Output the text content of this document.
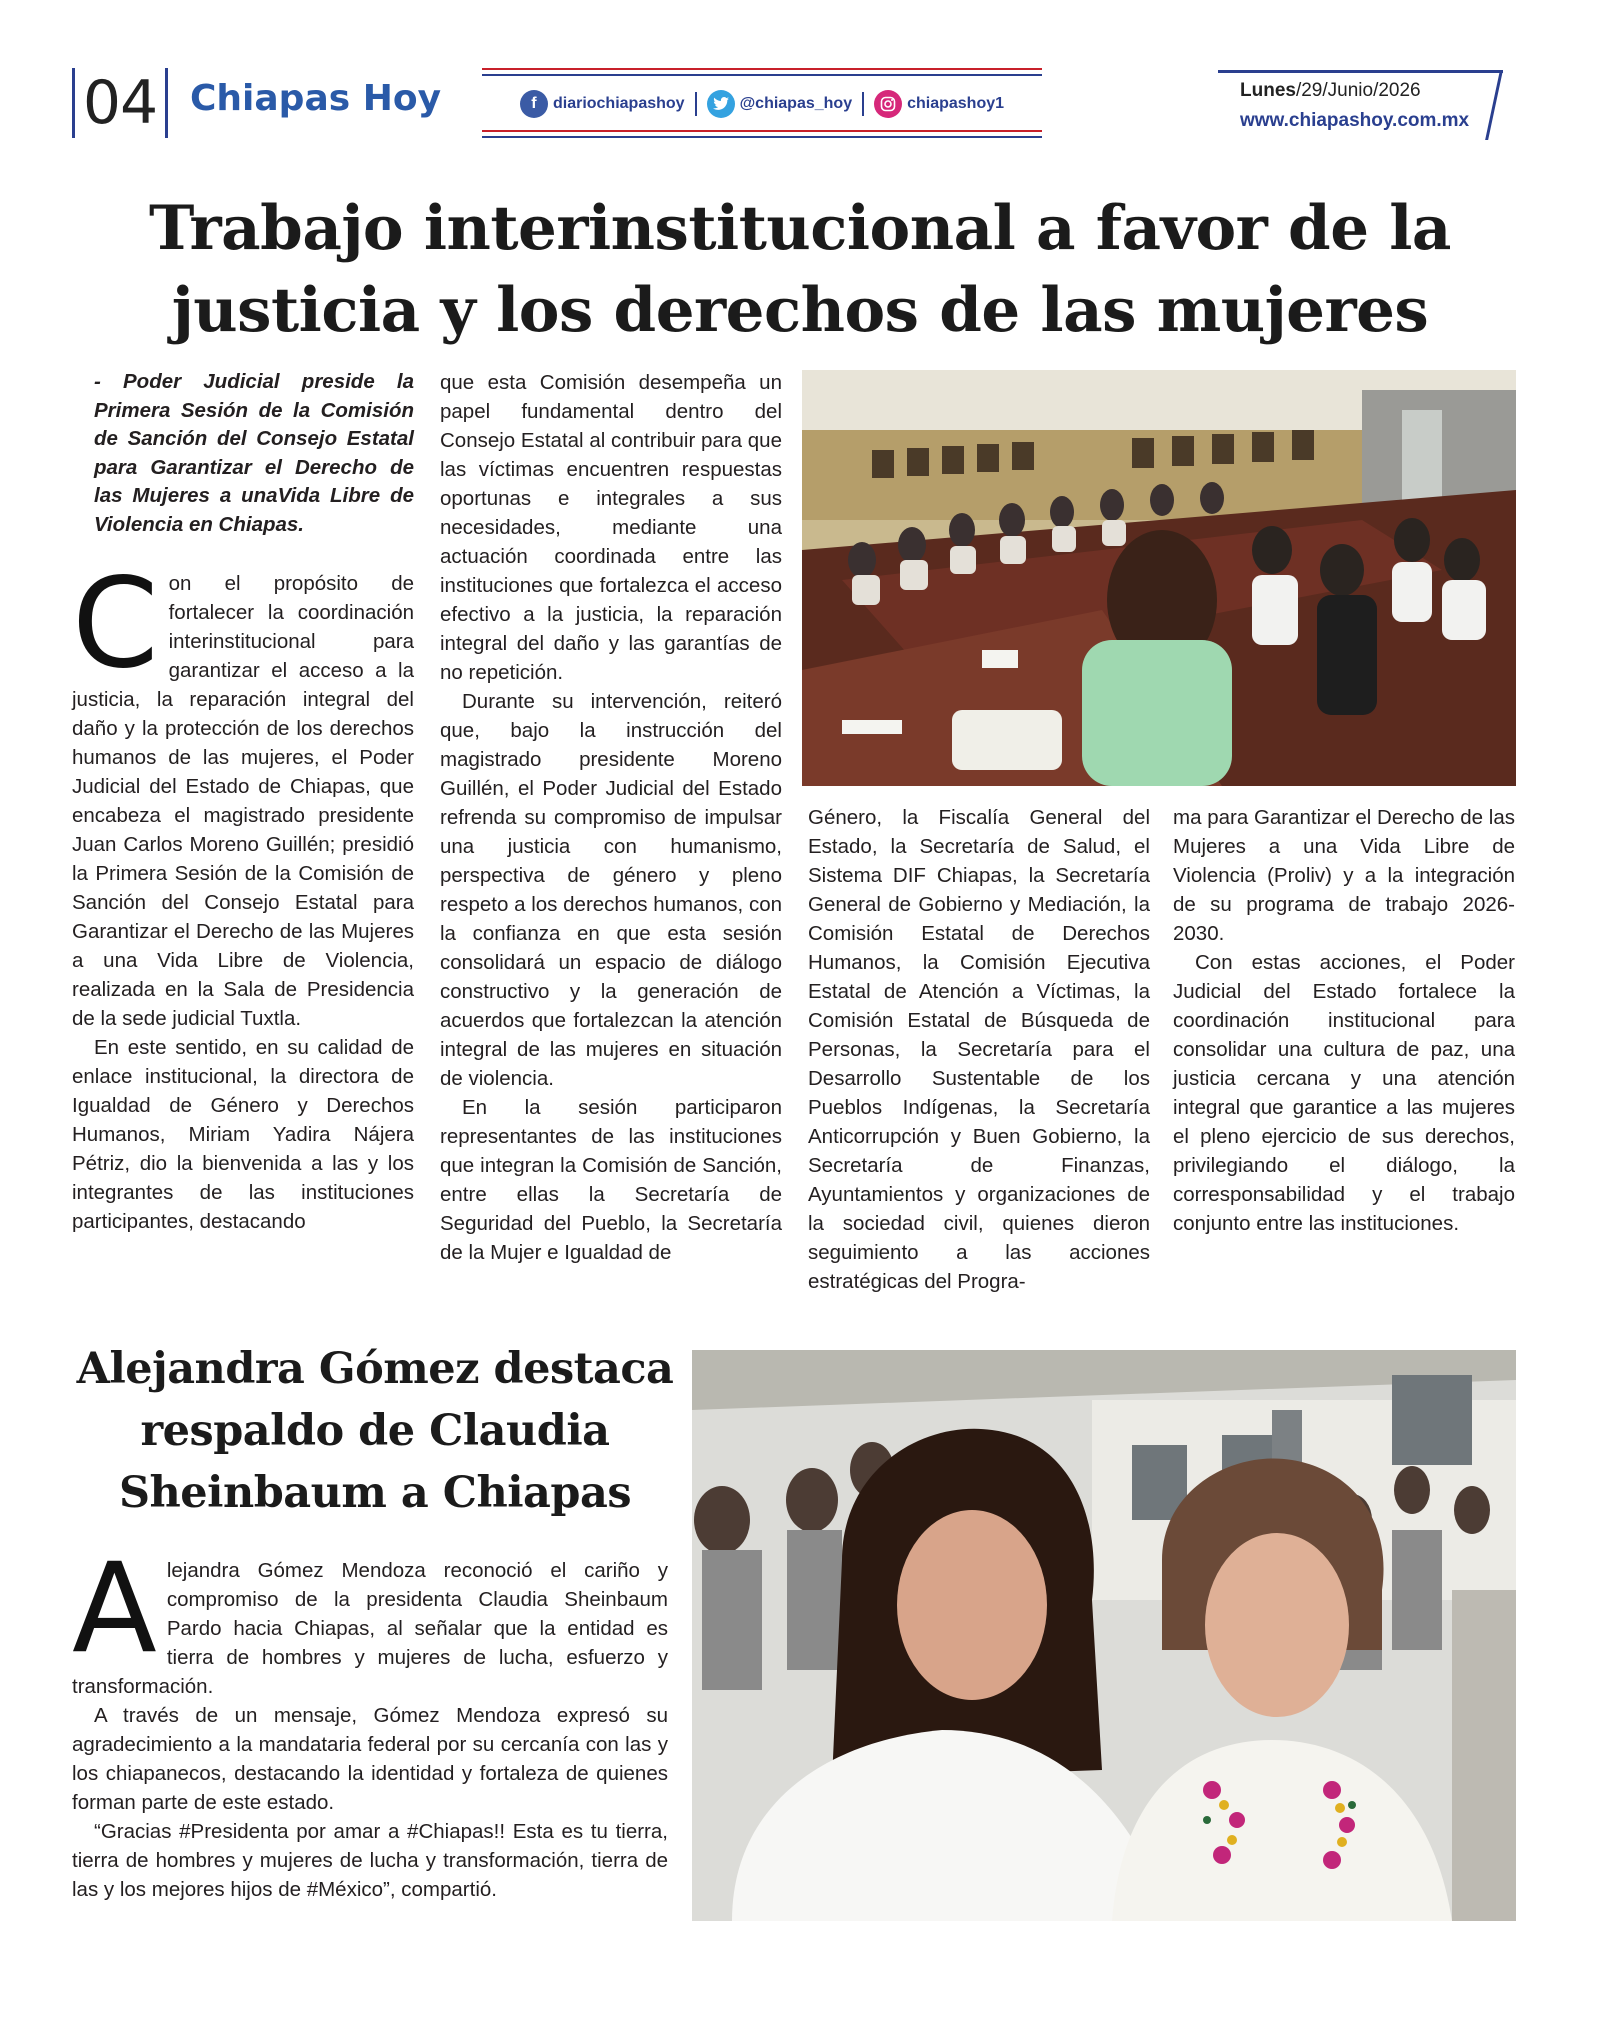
04 Chiapas Hoy	f	diariochiapashoy	@chiapas_hoy	chiapashoy1
Lunes/29/Junio/2026
www.chiapashoy.com.mx
Trabajo interinstitucional a favor de la justicia y los derechos de las mujeres

- Poder Judicial preside la Primera Sesión de la Comisión de Sanción del Consejo Estatal para Garantizar el Derecho de las Mujeres a unaVida Libre de Violencia en Chiapas.

Con el propósito de fortalecer la coordinación interinstitucional para garantizar el acceso a la justicia, la reparación integral del daño y la protección de los derechos humanos de las mujeres, el Poder Judicial del Estado de Chiapas, que encabeza el magistrado presidente Juan Carlos Moreno Guillén; presidió la Primera Sesión de la Comisión de Sanción del Consejo Estatal para Garantizar el Derecho de las Mujeres a una Vida Libre de Violencia, realizada en la Sala de Presidencia de la sede judicial Tuxtla.

En este sentido, en su calidad de enlace institucional, la directora de Igualdad de Género y Derechos Humanos, Miriam Yadira Nájera Pétriz, dio la bienvenida a las y los integrantes de las instituciones participantes, destacando

que esta Comisión desempeña un papel fundamental dentro del Consejo Estatal al contribuir para que las víctimas encuentren respuestas oportunas e integrales a sus necesidades, mediante una actuación coordinada entre las instituciones que fortalezca el acceso efectivo a la justicia, la reparación integral del daño y las garantías de no repetición.

Durante su intervención, reiteró que, bajo la instrucción del magistrado presidente Moreno Guillén, el Poder Judicial del Estado refrenda su compromiso de impulsar una justicia con humanismo, perspectiva de género y pleno respeto a los derechos humanos, con la confianza en que esta sesión consolidará un espacio de diálogo constructivo y la generación de acuerdos que fortalezcan la atención integral de las mujeres en situación de violencia.

En la sesión participaron representantes de las instituciones que integran la Comisión de Sanción, entre ellas la Secretaría de Seguridad del Pueblo, la Secretaría de la Mujer e Igualdad de

Género, la Fiscalía General del Estado, la Secretaría de Salud, el Sistema DIF Chiapas, la Secretaría General de Gobierno y Mediación, la Comisión Estatal de Derechos Humanos, la Comisión Ejecutiva Estatal de Atención a Víctimas, la Comisión Estatal de Búsqueda de Personas, la Secretaría para el Desarrollo Sustentable de los Pueblos Indígenas, la Secretaría Anticorrupción y Buen Gobierno, la Secretaría de Finanzas, Ayuntamientos y organizaciones de la sociedad civil, quienes dieron seguimiento a las acciones estratégicas del Progra-

ma para Garantizar el Derecho de las Mujeres a una Vida Libre de Violencia (Proliv) y a la integración de su programa de trabajo 2026-2030.

Con estas acciones, el Poder Judicial del Estado fortalece la coordinación institucional para consolidar una cultura de paz, una justicia cercana y una atención integral que garantice a las mujeres el pleno ejercicio de sus derechos, privilegiando el diálogo, la corresponsabilidad y el trabajo conjunto entre las instituciones.

Alejandra Gómez destaca respaldo de Claudia Sheinbaum a Chiapas

Alejandra Gómez Mendoza reconoció el cariño y compromiso de la presidenta Claudia Sheinbaum Pardo hacia Chiapas, al señalar que la entidad es tierra de hombres y mujeres de lucha, esfuerzo y transformación.

A través de un mensaje, Gómez Mendoza expresó su agradecimiento a la mandataria federal por su cercanía con las y los chiapanecos, destacando la identidad y fortaleza de quienes forman parte de este estado.

“Gracias #Presidenta por amar a #Chiapas!! Esta es tu tierra, tierra de hombres y mujeres de lucha y transformación, tierra de las y los mejores hijos de #México”, compartió.
